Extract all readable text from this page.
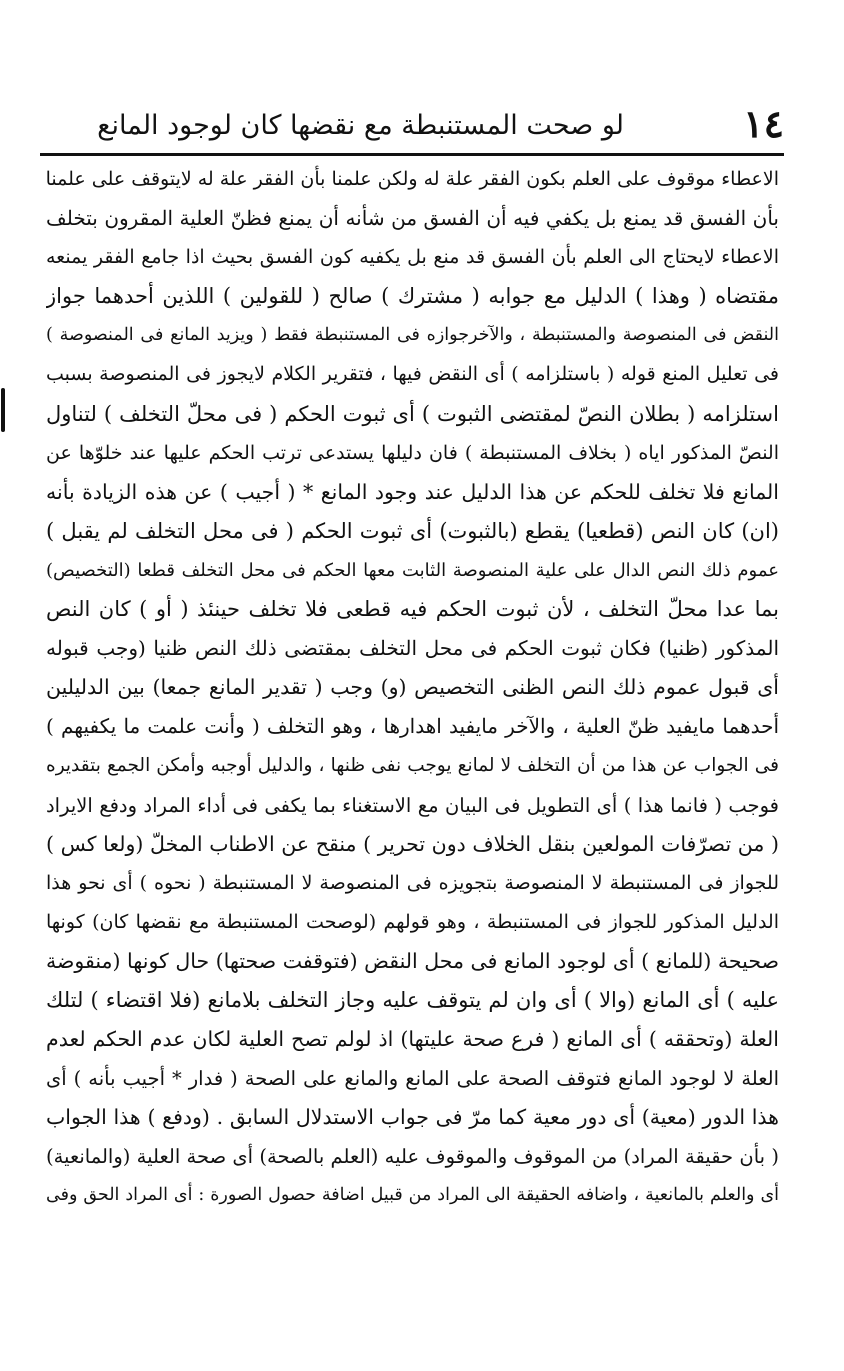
١٤
لو صحت المستنبطة مع نقضها كان لوجود المانع
الاعطاء موقوف على العلم بكون الفقر علة له ولكن علمنا بأن الفقر علة له لايتوقف على علمنا
بأن الفسق قد يمنع بل يكفي فيه أن الفسق من شأنه أن يمنع فظنّ العلية المقرون بتخلف
الاعطاء لايحتاج الى العلم بأن الفسق قد منع بل يكفيه كون الفسق بحيث اذا جامع الفقر يمنعه
مقتضاه ( وهذا ) الدليل مع جوابه ( مشترك ) صالح ( للقولين ) اللذين أحدهما جواز
النقض فى المنصوصة والمستنبطة ، والآخرجوازه فى المستنبطة فقط ( ويزيد المانع فى المنصوصة )
فى تعليل المنع قوله ( باستلزامه ) أى النقض فيها ، فتقرير الكلام لايجوز فى المنصوصة بسبب
استلزامه ( بطلان النصّ لمقتضى الثبوت ) أى ثبوت الحكم ( فى محلّ التخلف ) لتناول
النصّ المذكور اياه ( بخلاف المستنبطة ) فان دليلها يستدعى ترتب الحكم عليها عند خلوّها عن
المانع فلا تخلف للحكم عن هذا الدليل عند وجود المانع * ( أجيب ) عن هذه الزيادة بأنه
(ان) كان النص (قطعيا) يقطع (بالثبوت) أى ثبوت الحكم ( فى محل التخلف لم يقبل )
عموم ذلك النص الدال على علية المنصوصة الثابت معها الحكم فى محل التخلف قطعا (التخصيص)
بما عدا محلّ التخلف ، لأن ثبوت الحكم فيه قطعى فلا تخلف حينئذ ( أو ) كان النص
المذكور (ظنيا) فكان ثبوت الحكم فى محل التخلف بمقتضى ذلك النص ظنيا (وجب قبوله
أى قبول عموم ذلك النص الظنى التخصيص (و) وجب ( تقدير المانع جمعا) بين الدليلين
أحدهما مايفيد ظنّ العلية ، والآخر مايفيد اهدارها ، وهو التخلف ( وأنت علمت ما يكفيهم )
فى الجواب عن هذا من أن التخلف لا لمانع يوجب نفى ظنها ، والدليل أوجبه وأمكن الجمع بتقديره
فوجب ( فانما هذا ) أى التطويل فى البيان مع الاستغناء بما يكفى فى أداء المراد ودفع الايراد
( من تصرّفات المولعين بنقل الخلاف دون تحرير ) منقح عن الاطناب المخلّ (ولعا كس )
للجواز فى المستنبطة لا المنصوصة بتجويزه فى المنصوصة لا المستنبطة ( نحوه ) أى نحو هذا
الدليل المذكور للجواز فى المستنبطة ، وهو قولهم (لوصحت المستنبطة مع نقضها كان) كونها
صحيحة (للمانع ) أى لوجود المانع فى محل النقض (فتوقفت صحتها) حال كونها (منقوضة
عليه ) أى المانع (والا ) أى وان لم يتوقف عليه وجاز التخلف بلامانع (فلا اقتضاء ) لتلك
العلة (وتحققه ) أى المانع ( فرع صحة عليتها) اذ لولم تصح العلية لكان عدم الحكم لعدم
العلة لا لوجود المانع فتوقف الصحة على المانع والمانع على الصحة ( فدار * أجيب بأنه ) أى
هذا الدور (معية) أى دور معية كما مرّ فى جواب الاستدلال السابق . (ودفع ) هذا الجواب
( بأن حقيقة المراد) من الموقوف والموقوف عليه (العلم بالصحة) أى صحة العلية (والمانعية)
أى والعلم بالمانعية ، واضافه الحقيقة الى المراد من قبيل اضافة حصول الصورة : أى المراد الحق وفى
